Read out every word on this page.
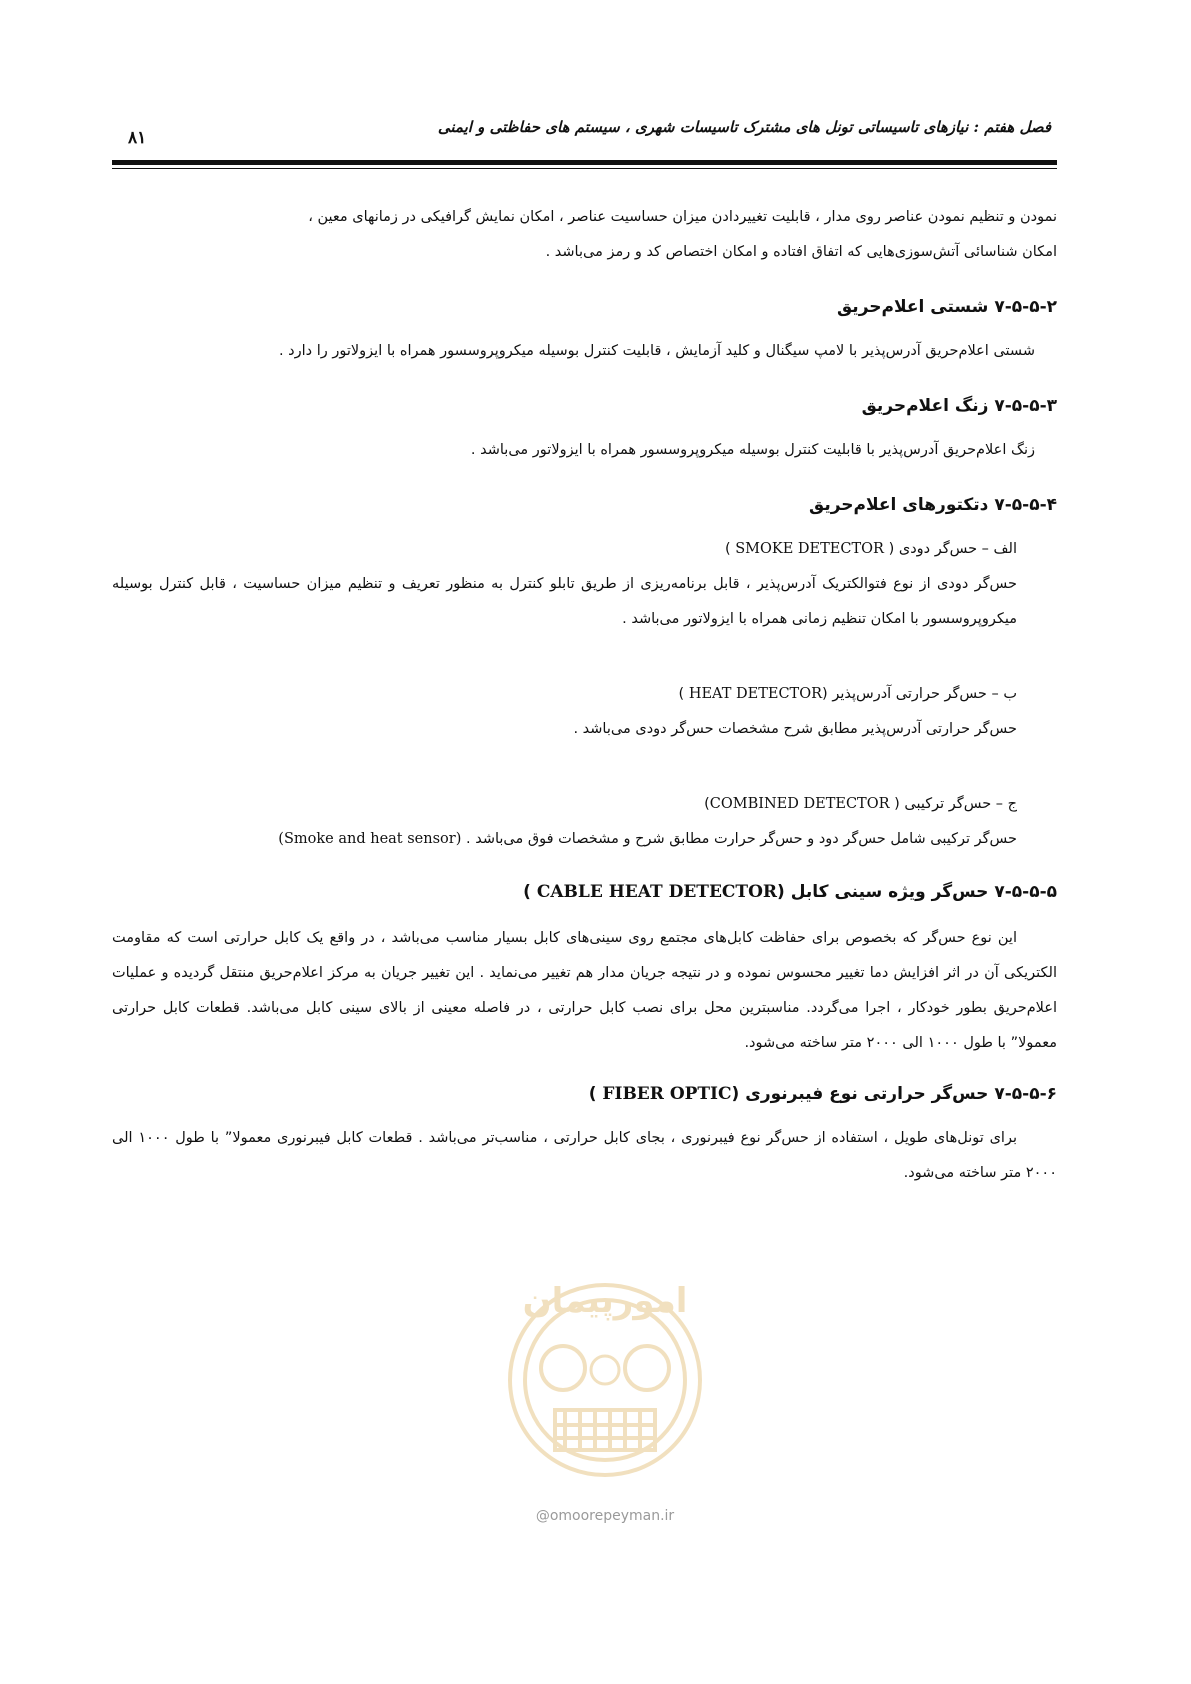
فصل هفتم : نیازهای تاسیساتی تونل های مشترک تاسیسات شهری ، سیستم های حفاظتی و ایمنی
۸۱

نمودن و تنظیم نمودن عناصر روی مدار ، قابلیت تغییردادن میزان حساسیت عناصر ، امکان نمایش گرافیکی در زمانهای معین ،

امکان شناسائی آتش‌سوزی‌هایی که اتفاق افتاده و امکان اختصاص کد و رمز می‌باشد .

۷-۵-۵-۲ شستی اعلام‌حریق

شستی اعلام‌حریق آدرس‌پذیر با لامپ سیگنال و کلید آزمایش ، قابلیت کنترل بوسیله میکروپروسسور همراه با ایزولاتور را دارد .

۷-۵-۵-۳ زنگ اعلام‌حریق

زنگ اعلام‌حریق آدرس‌پذیر با قابلیت کنترل بوسیله میکروپروسسور همراه با ایزولاتور می‌باشد .

۷-۵-۵-۴ دتکتورهای اعلام‌حریق

الف – حس‌گر دودی ( SMOKE DETECTOR )

حس‌گر دودی از نوع فتوالکتریک آدرس‌پذیر ، قابل برنامه‌ریزی از طریق تابلو کنترل به منظور تعریف و تنظیم میزان حساسیت ، قابل کنترل بوسیله میکروپروسسور با امکان تنظیم زمانی همراه با ایزولاتور می‌باشد .

ب – حس‌گر حرارتی آدرس‌پذیر (HEAT DETECTOR )

حس‌گر حرارتی آدرس‌پذیر مطابق شرح مشخصات حس‌گر دودی می‌باشد .

ج – حس‌گر ترکیبی ( COMBINED DETECTOR)

حس‌گر ترکیبی شامل حس‌گر دود و حس‌گر حرارت مطابق شرح و مشخصات فوق می‌باشد . (Smoke and heat sensor)

۷-۵-۵-۵ حس‌گر ویژه سینی کابل (CABLE HEAT DETECTOR )

این نوع حس‌گر که بخصوص برای حفاظت کابل‌های مجتمع روی سینی‌های کابل بسیار مناسب می‌باشد ، در واقع یک کابل حرارتی است که مقاومت الکتریکی آن در اثر افزایش دما تغییر محسوس نموده و در نتیجه جریان مدار هم تغییر می‌نماید . این تغییر جریان به مرکز اعلام‌حریق منتقل گردیده و عملیات اعلام‌حریق بطور خودکار ، اجرا می‌گردد. مناسبترین محل برای نصب کابل حرارتی ، در فاصله معینی از بالای سینی کابل می‌باشد. قطعات کابل حرارتی معمولا” با طول ۱۰۰۰ الی ۲۰۰۰ متر ساخته می‌شود.

۷-۵-۵-۶ حس‌گر حرارتی نوع فیبرنوری (FIBER OPTIC )

برای تونل‌های طویل ، استفاده از حس‌گر نوع فیبرنوری ، بجای کابل حرارتی ، مناسب‌تر می‌باشد . قطعات کابل فیبرنوری معمولا” با طول ۱۰۰۰ الی ۲۰۰۰ متر ساخته می‌شود.

امورپیمان
@omoorepeyman.ir
